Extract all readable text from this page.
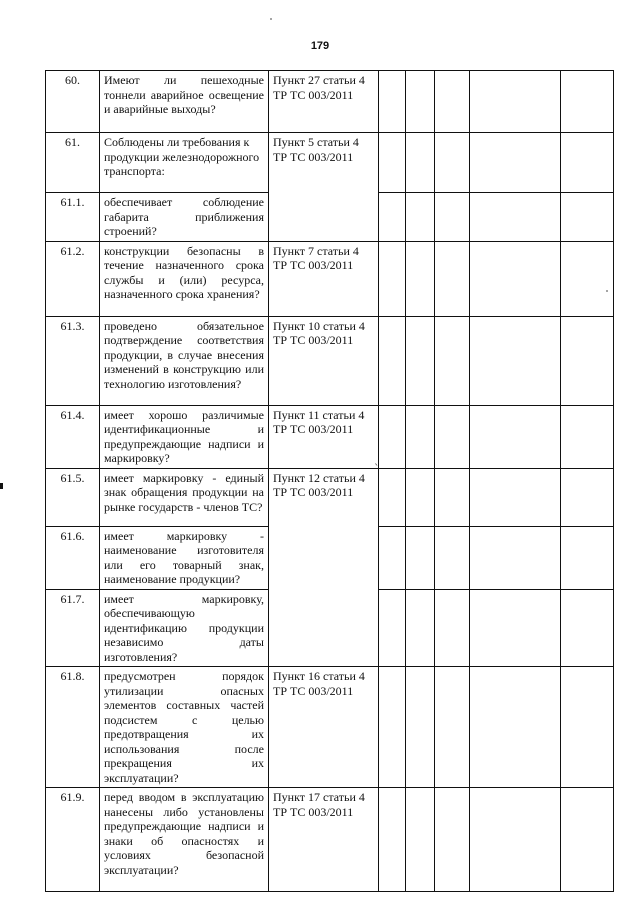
179
ˋ
60.	Имеют ли пешеходные тоннели аварийное освещение и аварийные выходы?	Пункт 27 статьи 4 ТР ТС 003/2011					
61.	Соблюдены ли требования к продукции железнодорожного транспорта:	Пункт 5 статьи 4 ТР ТС 003/2011					
61.1.	обеспечивает соблюдение габарита приближения строений?						
61.2.	конструкции безопасны в течение назначенного срока службы и (или) ресурса, назначенного срока хранения?	Пункт 7 статьи 4 ТР ТС 003/2011					
61.3.	проведено обязательное подтверждение соответствия продукции, в случае внесения изменений в конструкцию или технологию изготовления?	Пункт 10 статьи 4 ТР ТС 003/2011					
61.4.	имеет хорошо различимые идентификационные и предупреждающие надписи и маркировку?	Пункт 11 статьи 4 ТР ТС 003/2011					
61.5.	имеет маркировку - единый знак обращения продукции на рынке государств - членов ТС?	Пункт 12 статьи 4 ТР ТС 003/2011					
61.6.	имеет маркировку - наименование изготовителя или его товарный знак, наименование продукции?						
61.7.	имеет маркировку, обеспечивающую идентификацию продукции независимо даты изготовления?						
61.8.	предусмотрен порядок утилизации опасных элементов составных частей подсистем с целью предотвращения их использования после прекращения их эксплуатации?	Пункт 16 статьи 4 ТР ТС 003/2011					
61.9.	перед вводом в эксплуатацию нанесены либо установлены предупреждающие надписи и знаки об опасностях и условиях безопасной эксплуатации?	Пункт 17 статьи 4 ТР ТС 003/2011					
